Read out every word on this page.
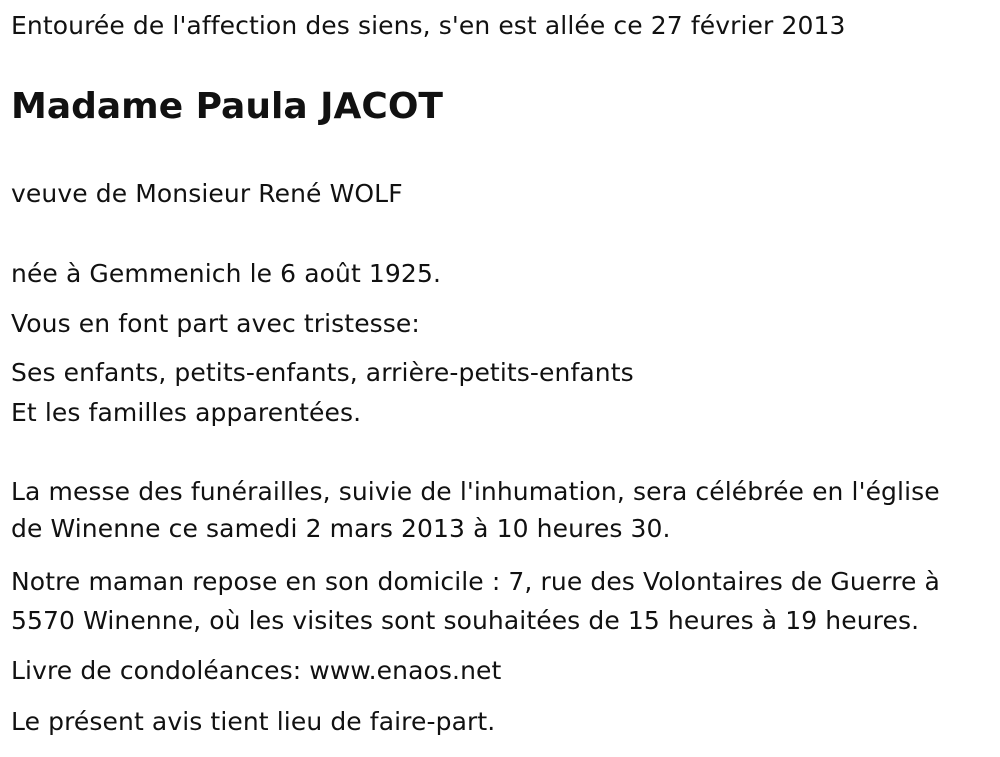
Entourée de l'affection des siens, s'en est allée ce 27 février 2013

Madame Paula JACOT

veuve de Monsieur René WOLF

née à Gemmenich le 6 août 1925.

Vous en font part avec tristesse:

Ses enfants, petits-enfants, arrière-petits-enfants

Et les familles apparentées.

La messe des funérailles, suivie de l'inhumation, sera célébrée en l'église

de Winenne ce samedi 2 mars 2013 à 10 heures 30.

Notre maman repose en son domicile : 7, rue des Volontaires de Guerre à

5570 Winenne, où les visites sont souhaitées de 15 heures à 19 heures.

Livre de condoléances: www.enaos.net

Le présent avis tient lieu de faire-part.
